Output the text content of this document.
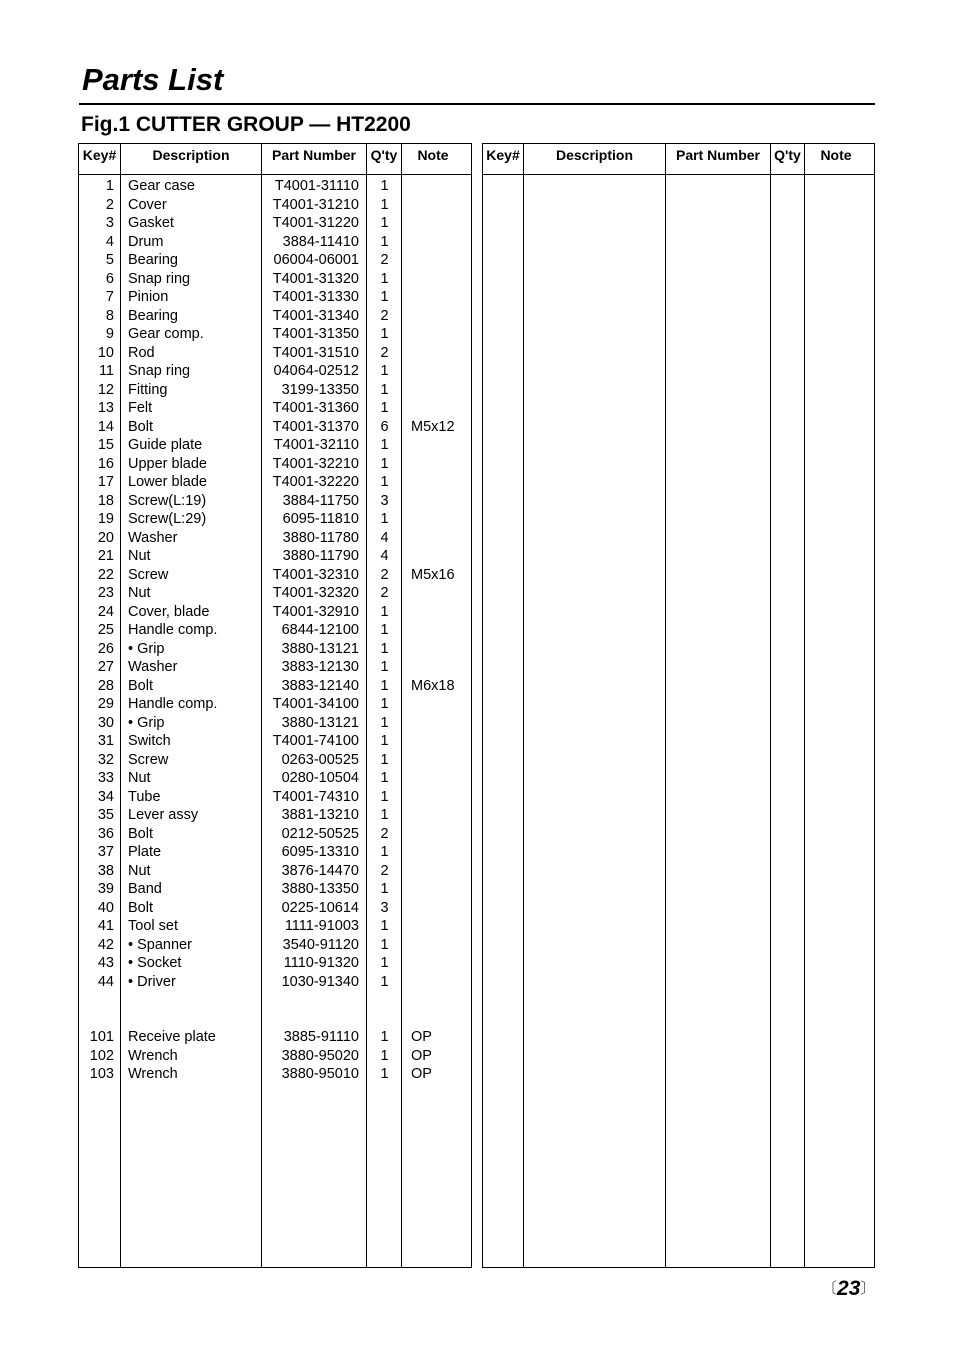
Parts List
Fig.1 CUTTER GROUP — HT2200
Key#	Description	Part Number	Q'ty	Note
1 Gear case	T4001-31110	1
2 Cover	T4001-31210	1
3 Gasket	T4001-31220	1
4 Drum	3884-11410	1
5 Bearing	06004-06001	2
6 Snap ring	T4001-31320	1
7 Pinion	T4001-31330	1
8 Bearing	T4001-31340	2
9 Gear comp.	T4001-31350	1
10 Rod	T4001-31510	2
11 Snap ring	04064-02512	1
12 Fitting	3199-13350	1
13 Felt	T4001-31360	1
14 Bolt	T4001-31370	6	M5x12
15 Guide plate	T4001-32110	1
16 Upper blade	T4001-32210	1
17 Lower blade	T4001-32220	1
18 Screw(L:19)	3884-11750	3
19 Screw(L:29)	6095-11810	1
20 Washer	3880-11780	4
21 Nut	3880-11790	4
22 Screw	T4001-32310	2	M5x16
23 Nut	T4001-32320	2
24 Cover, blade	T4001-32910	1
25 Handle comp.	6844-12100	1
26 • Grip	3880-13121	1
27 Washer	3883-12130	1
28 Bolt	3883-12140	1	M6x18
29 Handle comp.	T4001-34100	1
30 • Grip	3880-13121	1
31 Switch	T4001-74100	1
32 Screw	0263-00525	1
33 Nut	0280-10504	1
34 Tube	T4001-74310	1
35 Lever assy	3881-13210	1
36 Bolt	0212-50525	2
37 Plate	6095-13310	1
38 Nut	3876-14470	2
39 Band	3880-13350	1
40 Bolt	0225-10614	3
41 Tool set	1111-91003	1
42 • Spanner	3540-91120	1
43 • Socket	1110-91320	1
44 • Driver	1030-91340	1
101 Receive plate	3885-91110	1	OP
102 Wrench	3880-95020	1	OP
103 Wrench	3880-95010	1	OP
Key#	Description	Part Number	Q'ty	Note
〔23〕
